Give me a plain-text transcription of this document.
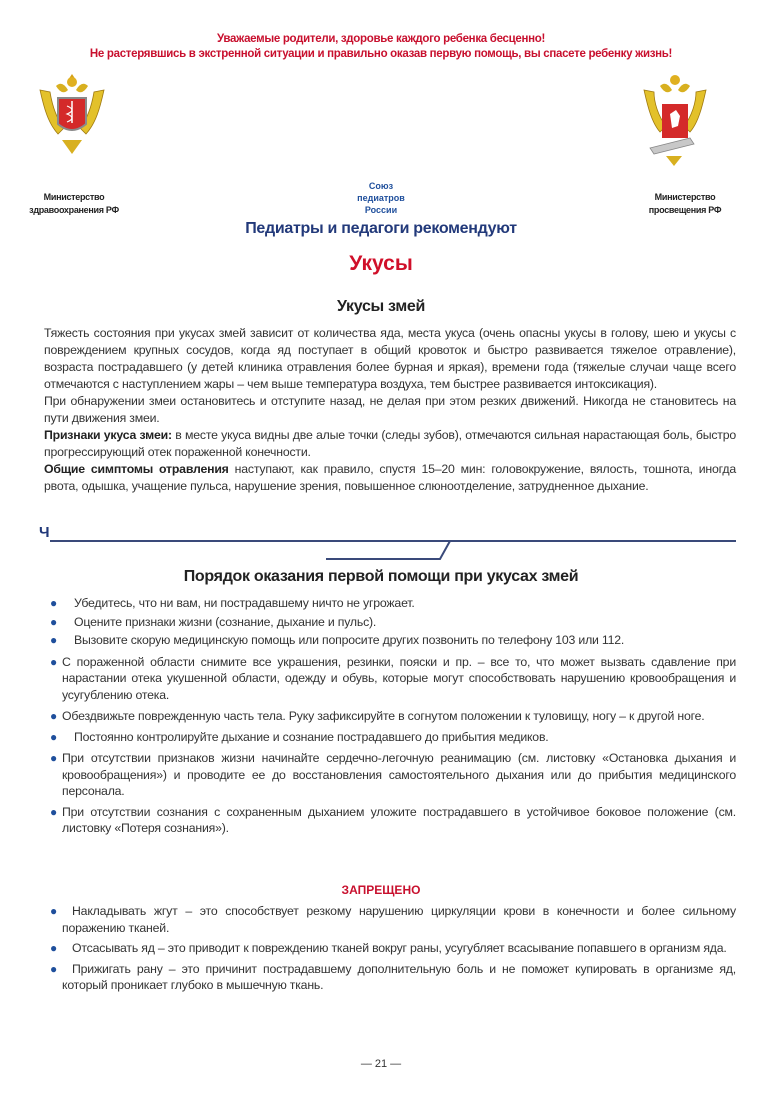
Уважаемые родители, здоровье каждого ребенка бесценно!
Не растерявшись в экстренной ситуации и правильно оказав первую помощь, вы спасете ребенку жизнь!
Министерство
здравоохранения РФ
Союз
педиатров
России
Министерство
просвещения РФ
Педиатры и педагоги рекомендуют
Укусы
Укусы змей
Тяжесть состояния при укусах змей зависит от количества яда, места укуса (очень опасны укусы в голову, шею и укусы с повреждением крупных сосудов, когда яд поступает в общий кровоток и быстро развивается тяжелое отравление), возраста пострадавшего (у детей клиника отравления более бурная и яркая), времени года (тяжелые случаи чаще всего отмечаются с наступлением жары – чем выше температура воздуха, тем быстрее развивается интоксикация).
При обнаружении змеи остановитесь и отступите назад, не делая при этом резких движений. Никогда не становитесь на пути движения змеи.
Признаки укуса змеи: в месте укуса видны две алые точки (следы зубов), отмечаются сильная нарастающая боль, быстро прогрессирующий отек пораженной конечности.
Общие симптомы отравления наступают, как правило, спустя 15–20 мин: головокружение, вялость, тошнота, иногда рвота, одышка, учащение пульса, нарушение зрения, повышенное слюноотделение, затрудненное дыхание.
Ч
Порядок оказания первой помощи при укусах змей
●	Убедитесь, что ни вам, ни пострадавшему ничто не угрожает.
●	Оцените признаки жизни (сознание, дыхание и пульс).
●	Вызовите скорую медицинскую помощь или попросите других позвонить по телефону 103 или 112.
● С пораженной области снимите все украшения, резинки, пояски и пр. – все то, что может вызвать сдавление при нарастании отека укушенной области, одежду и обувь, которые могут способствовать нарушению кровообращения и усугублению отека.
● Обездвижьте поврежденную часть тела. Руку зафиксируйте в согнутом положении к туловищу, ногу – к другой ноге.
●	Постоянно контролируйте дыхание и сознание пострадавшего до прибытия медиков.
● При отсутствии признаков жизни начинайте сердечно-легочную реанимацию (см. листовку «Остановка дыхания и кровообращения») и проводите ее до восстановления самостоятельного дыхания или до прибытия медицинского персонала.
● При отсутствии сознания с сохраненным дыханием уложите пострадавшего в устойчивое боковое положение (см. листовку «Потеря сознания»).
ЗАПРЕЩЕНО
●	Накладывать жгут – это способствует резкому нарушению циркуляции крови в конечности и более сильному поражению тканей.
●	Отсасывать яд – это приводит к повреждению тканей вокруг раны, усугубляет всасывание попавшего в организм яда.
●	Прижигать рану – это причинит пострадавшему дополнительную боль и не поможет купировать в организме яд, который проникает глубоко в мышечную ткань.
— 21 —
